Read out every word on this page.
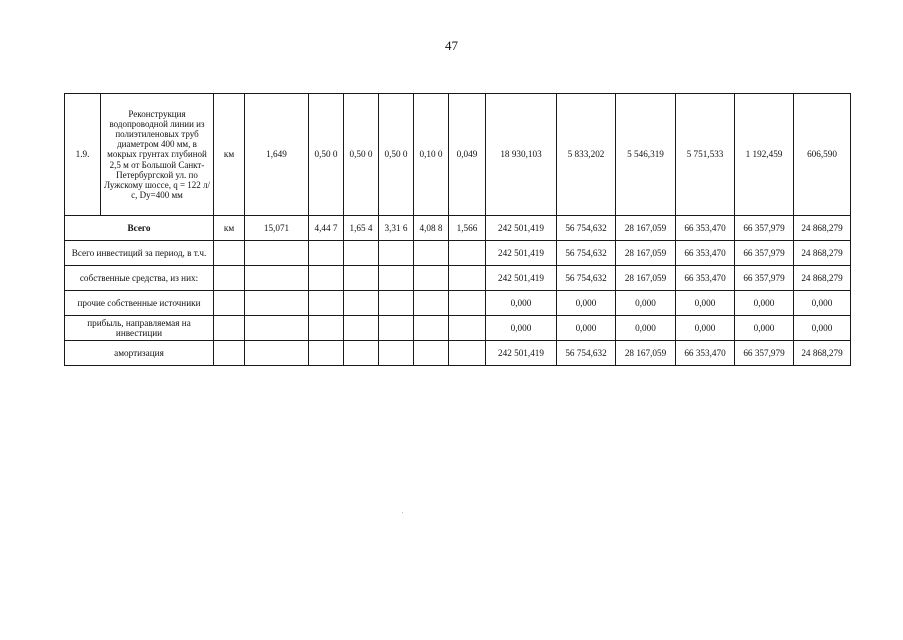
47
1.9.	Реконструкция водопроводной линии из полиэтиленовых труб диаметром 400 мм, в мокрых грунтах глубиной 2,5 м от Большой Санкт-Петербургской ул. по Лужскому шоссе, q = 122 л/с, Dy=400 мм	км	1,649	0,50 0	0,50 0	0,50 0	0,10 0	0,049	18 930,103	5 833,202	5 546,319	5 751,533	1 192,459	606,590
Всего		км	15,071	4,44 7	1,65 4	3,31 6	4,08 8	1,566	242 501,419	56 754,632	28 167,059	66 353,470	66 357,979	24 868,279
Всего инвестиций за период, в т.ч.									242 501,419	56 754,632	28 167,059	66 353,470	66 357,979	24 868,279
собственные средства, из них:									242 501,419	56 754,632	28 167,059	66 353,470	66 357,979	24 868,279
прочие собственные источники									0,000	0,000	0,000	0,000	0,000	0,000
прибыль, направляемая на инвестиции									0,000	0,000	0,000	0,000	0,000	0,000
амортизация									242 501,419	56 754,632	28 167,059	66 353,470	66 357,979	24 868,279
